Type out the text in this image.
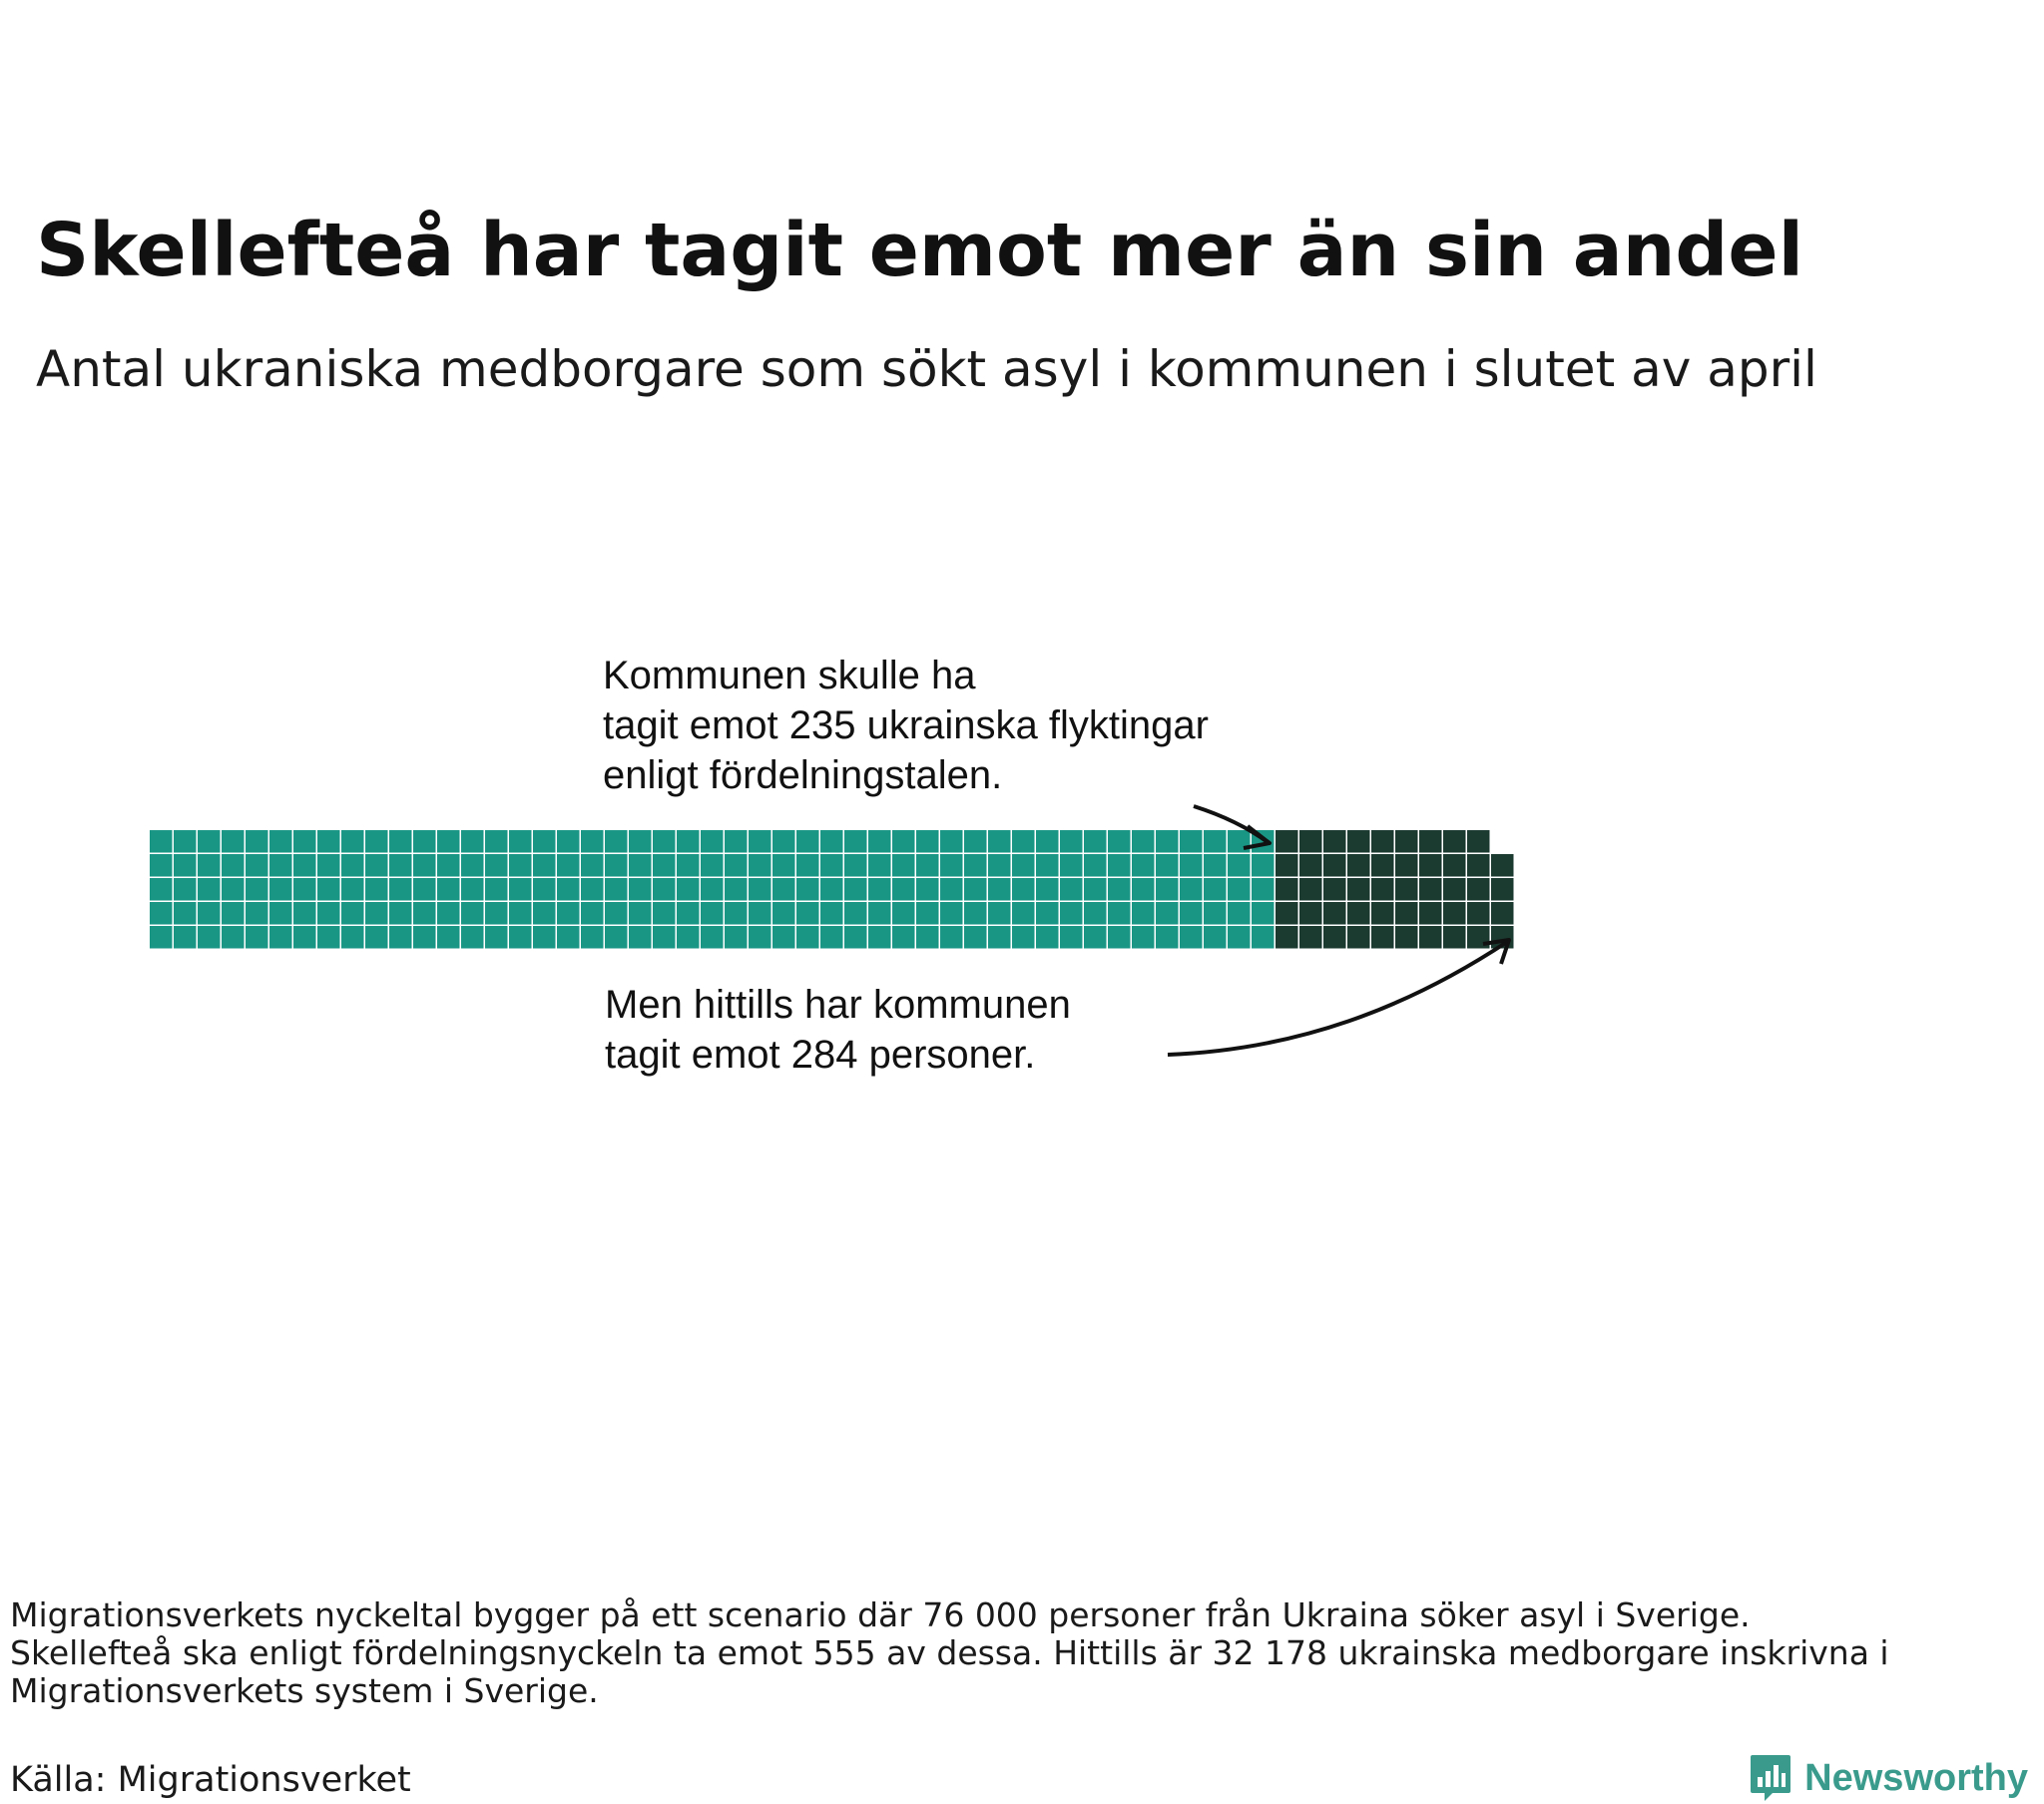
Skellefteå har tagit emot mer än sin andel
Antal ukraniska medborgare som sökt asyl i kommunen i slutet av april
Kommunen skulle ha tagit emot 235 ukrainska flyktingar enligt fördelningstalen.
Men hittills har kommunen tagit emot 284 personer.
Migrationsverkets nyckeltal bygger på ett scenario där 76 000 personer från Ukraina söker asyl i Sverige.
Skellefteå ska enligt fördelningsnyckeln ta emot 555 av dessa. Hittills är 32 178 ukrainska medborgare inskrivna i
Migrationsverkets system i Sverige.
Källa: Migrationsverket	Newsworthy
